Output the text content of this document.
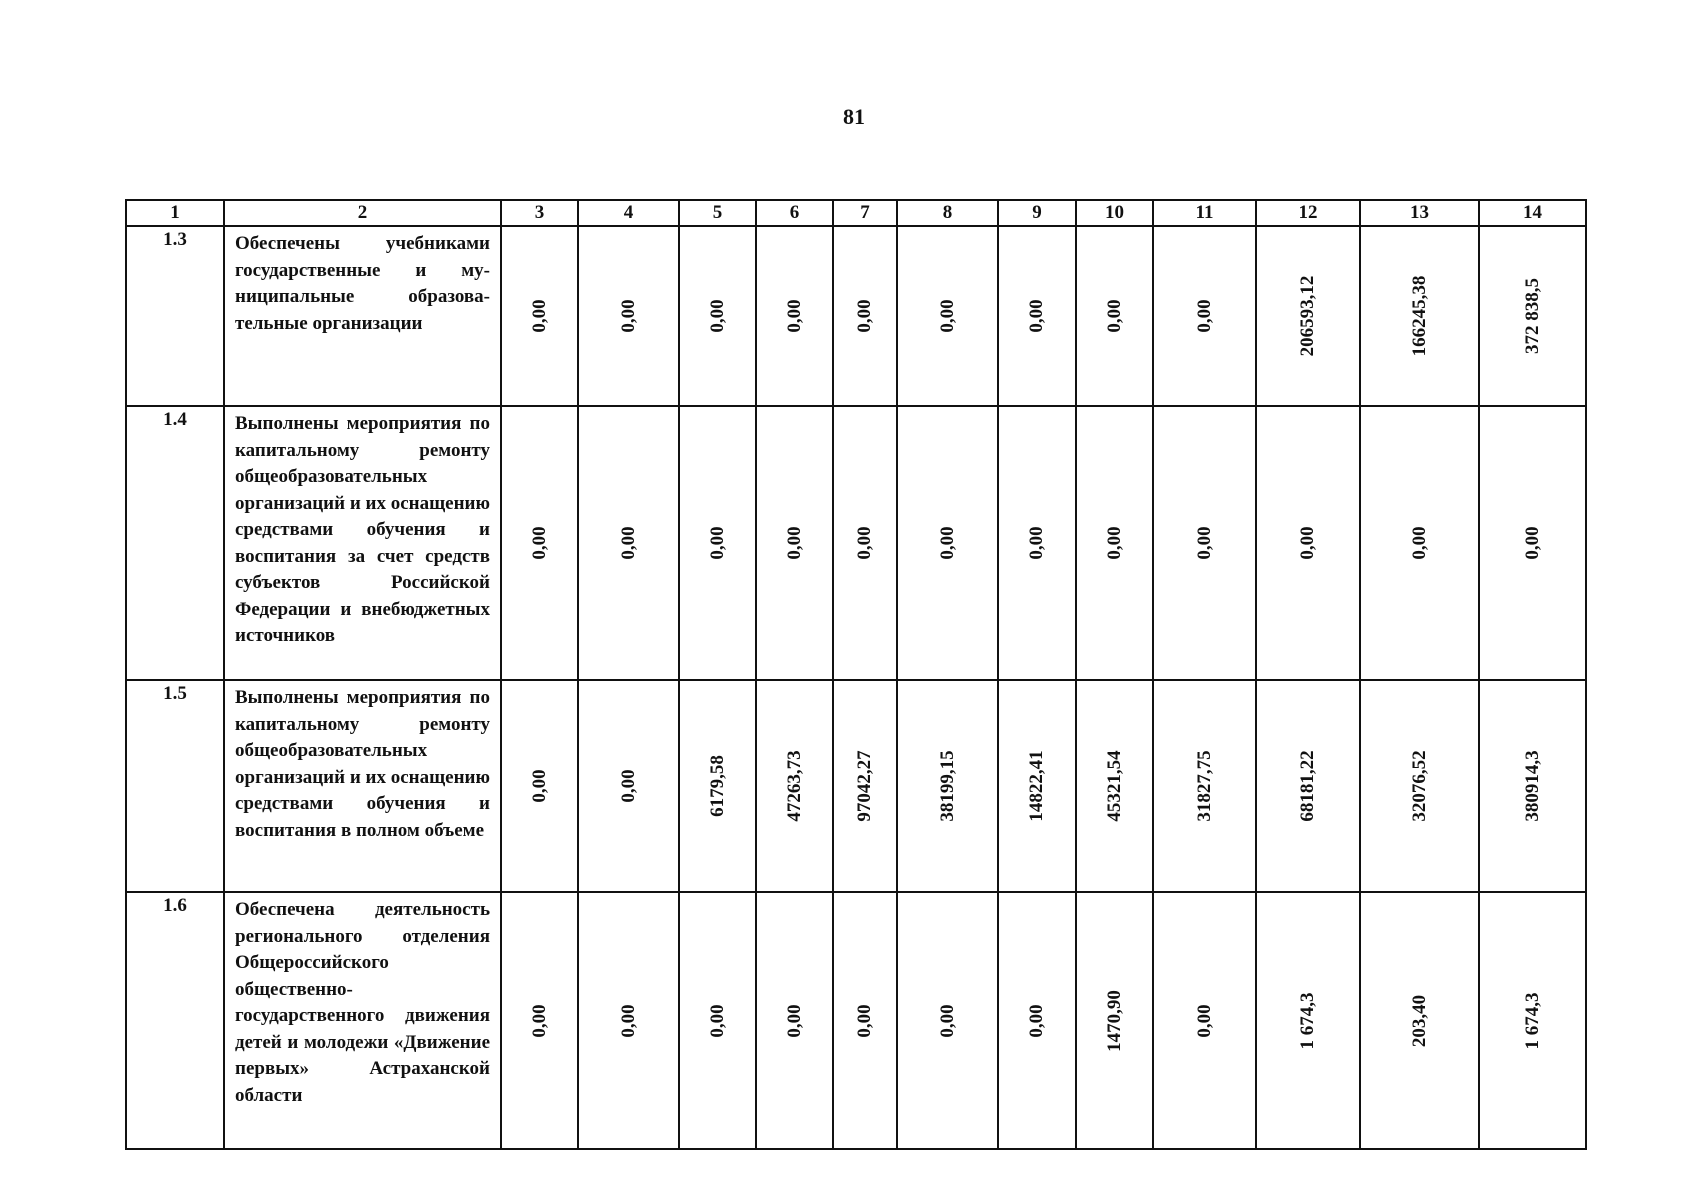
81
1	2	3	4	5	6	7	8	9	10	11	12	13	14
1.3	Обеспечены учебниками государственные и муниципальные образовательные организации	0,00	0,00	0,00	0,00	0,00	0,00	0,00	0,00	0,00	206593,12	166245,38	372 838,5

1.4	Выполнены мероприятия по капитальному ремонту общеобразовательных организаций и их оснащению средствами обучения и воспитания за счет средств субъектов Российской Федерации и внебюджетных источников	0,00	0,00	0,00	0,00	0,00	0,00	0,00	0,00	0,00	0,00	0,00	0,00

1.5	Выполнены мероприятия по капитальному ремонту общеобразовательных организаций и их оснащению средствами обучения и воспитания в полном объеме	0,00	0,00	6179,58	47263,73	97042,27	38199,15	14822,41	45321,54	31827,75	68181,22	32076,52	380914,3

1.6	Обеспечена деятельность регионального отделения Общероссийского общественно-государственного движения детей и молодежи «Движение первых» Астраханской области	0,00	0,00	0,00	0,00	0,00	0,00	0,00	1470,90	0,00	1 674,3	203,40	1 674,3
